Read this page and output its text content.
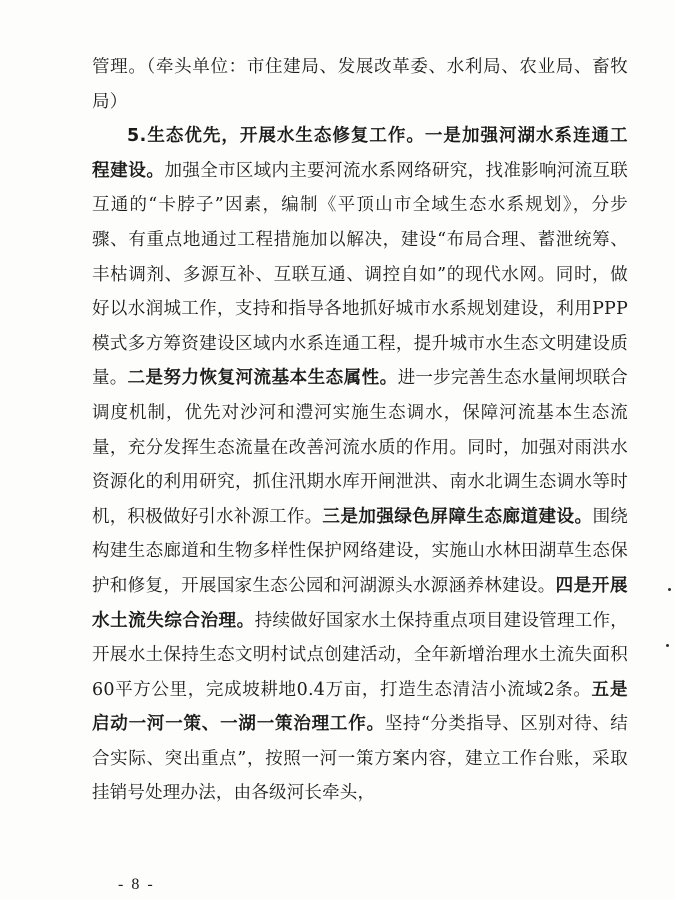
管理。（牵头单位：市住建局、发展改革委、水利局、农业局、畜牧局）

5.生态优先，开展水生态修复工作。一是加强河湖水系连通工程建设。加强全市区域内主要河流水系网络研究，找准影响河流互联互通的“卡脖子”因素，编制《平顶山市全域生态水系规划》，分步骤、有重点地通过工程措施加以解决，建设“布局合理、蓄泄统筹、丰枯调剂、多源互补、互联互通、调控自如”的现代水网。同时，做好以水润城工作，支持和指导各地抓好城市水系规划建设，利用PPP模式多方筹资建设区域内水系连通工程，提升城市水生态文明建设质量。二是努力恢复河流基本生态属性。进一步完善生态水量闸坝联合调度机制，优先对沙河和澧河实施生态调水，保障河流基本生态流量，充分发挥生态流量在改善河流水质的作用。同时，加强对雨洪水资源化的利用研究，抓住汛期水库开闸泄洪、南水北调生态调水等时机，积极做好引水补源工作。三是加强绿色屏障生态廊道建设。围绕构建生态廊道和生物多样性保护网络建设，实施山水林田湖草生态保护和修复，开展国家生态公园和河湖源头水源涵养林建设。四是开展水土流失综合治理。持续做好国家水土保持重点项目建设管理工作，开展水土保持生态文明村试点创建活动，全年新增治理水土流失面积60平方公里，完成坡耕地0.4万亩，打造生态清洁小流域2条。五是启动一河一策、一湖一策治理工作。坚持“分类指导、区别对待、结合实际、突出重点”，按照一河一策方案内容，建立工作台账，采取挂销号处理办法，由各级河长牵头，

- 8 -
